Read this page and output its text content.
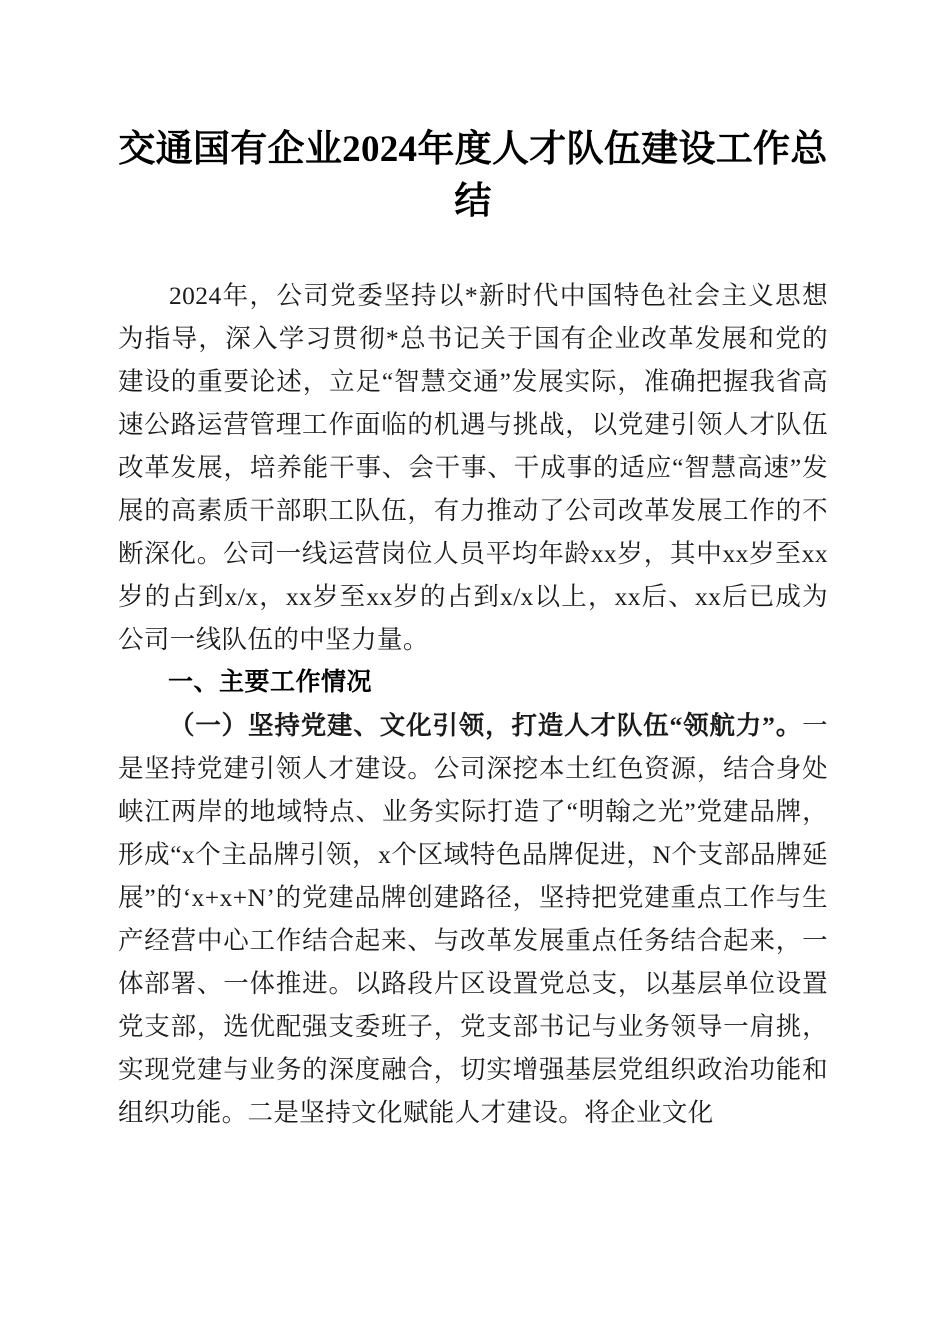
交通国有企业2024年度人才队伍建设工作总结

2024年，公司党委坚持以*新时代中国特色社会主义思想为指导，深入学习贯彻*总书记关于国有企业改革发展和党的建设的重要论述，立足“智慧交通”发展实际，准确把握我省高速公路运营管理工作面临的机遇与挑战，以党建引领人才队伍改革发展，培养能干事、会干事、干成事的适应“智慧高速”发展的高素质干部职工队伍，有力推动了公司改革发展工作的不断深化。公司一线运营岗位人员平均年龄xx岁，其中xx岁至xx岁的占到x/x，xx岁至xx岁的占到x/x以上，xx后、xx后已成为公司一线队伍的中坚力量。

一、主要工作情况

（一）坚持党建、文化引领，打造人才队伍“领航力”。一是坚持党建引领人才建设。公司深挖本土红色资源，结合身处峡江两岸的地域特点、业务实际打造了“明翰之光”党建品牌，形成“x个主品牌引领，x个区域特色品牌促进，N个支部品牌延展”的‘x+x+N’的党建品牌创建路径，坚持把党建重点工作与生产经营中心工作结合起来、与改革发展重点任务结合起来，一体部署、一体推进。以路段片区设置党总支，以基层单位设置党支部，选优配强支委班子，党支部书记与业务领导一肩挑，实现党建与业务的深度融合，切实增强基层党组织政治功能和组织功能。二是坚持文化赋能人才建设。将企业文化
